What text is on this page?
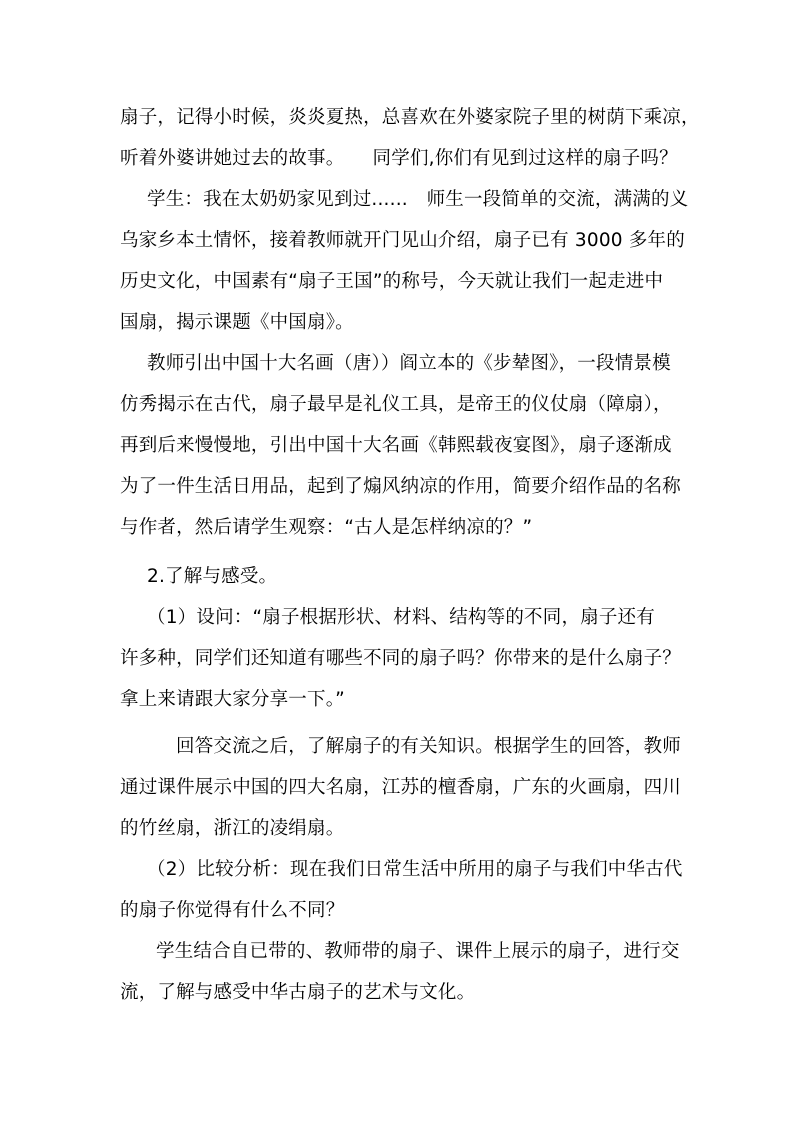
扇子，记得小时候，炎炎夏热，总喜欢在外婆家院子里的树荫下乘凉，
听着外婆讲她过去的故事。　　同学们,你们有见到过这样的扇子吗？
学生：我在太奶奶家见到过......　师生一段简单的交流，满满的义
乌家乡本土情怀，接着教师就开门见山介绍，扇子已有 3000 多年的
历史文化，中国素有“扇子王国”的称号，今天就让我们一起走进中
国扇，揭示课题《中国扇》。
教师引出中国十大名画（唐））阎立本的《步辇图》，一段情景模
仿秀揭示在古代，扇子最早是礼仪工具，是帝王的仪仗扇（障扇），
再到后来慢慢地，引出中国十大名画《韩熙载夜宴图》，扇子逐渐成
为了一件生活日用品，起到了煽风纳凉的作用，简要介绍作品的名称
与作者，然后请学生观察：“古人是怎样纳凉的？”
2.了解与感受。
（1）设问：“扇子根据形状、材料、结构等的不同，扇子还有
许多种，同学们还知道有哪些不同的扇子吗？你带来的是什么扇子？
拿上来请跟大家分享一下。”
回答交流之后，了解扇子的有关知识。根据学生的回答，教师
通过课件展示中国的四大名扇，江苏的檀香扇，广东的火画扇，四川
的竹丝扇，浙江的凌绢扇。
（2）比较分析：现在我们日常生活中所用的扇子与我们中华古代
的扇子你觉得有什么不同？
学生结合自已带的、教师带的扇子、课件上展示的扇子，进行交
流，了解与感受中华古扇子的艺术与文化。
